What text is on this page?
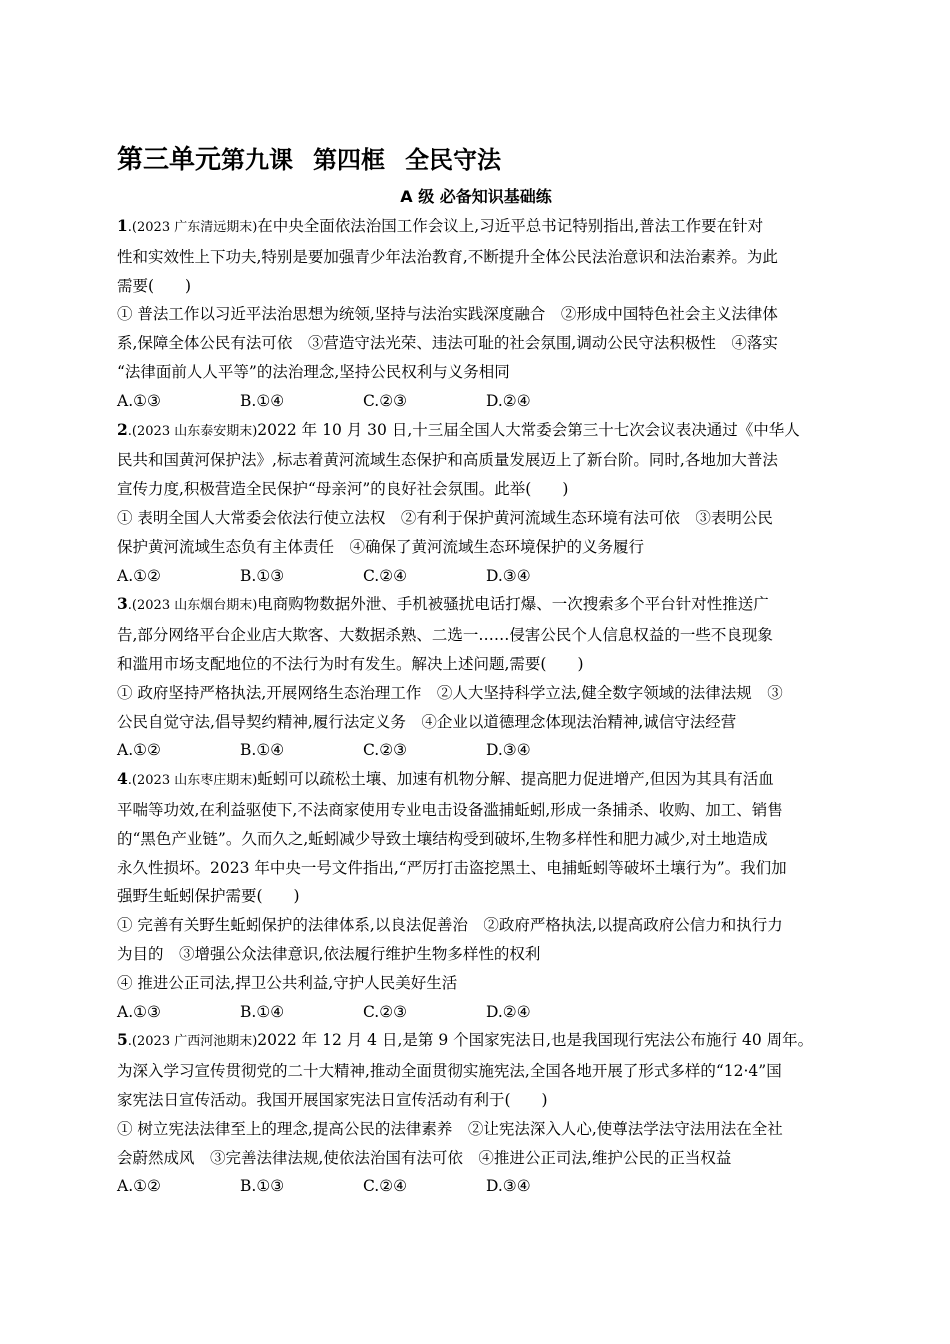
第三单元第九课 第四框 全民守法
A 级 必备知识基础练
1.(2023 广东清远期末)在中央全面依法治国工作会议上,习近平总书记特别指出,普法工作要在针对
性和实效性上下功夫,特别是要加强青少年法治教育,不断提升全体公民法治意识和法治素养。为此
需要(　　)
① 普法工作以习近平法治思想为统领,坚持与法治实践深度融合　②形成中国特色社会主义法律体
系,保障全体公民有法可依　③营造守法光荣、违法可耻的社会氛围,调动公民守法积极性　④落实
“法律面前人人平等”的法治理念,坚持公民权利与义务相同
A.①③	B.①④	C.②③	D.②④
2.(2023 山东泰安期末)2022 年 10 月 30 日,十三届全国人大常委会第三十七次会议表决通过《中华人
民共和国黄河保护法》,标志着黄河流域生态保护和高质量发展迈上了新台阶。同时,各地加大普法
宣传力度,积极营造全民保护“母亲河”的良好社会氛围。此举(　　)
① 表明全国人大常委会依法行使立法权　②有利于保护黄河流域生态环境有法可依　③表明公民
保护黄河流域生态负有主体责任　④确保了黄河流域生态环境保护的义务履行
A.①②	B.①③	C.②④	D.③④
3.(2023 山东烟台期末)电商购物数据外泄、手机被骚扰电话打爆、一次搜索多个平台针对性推送广
告,部分网络平台企业店大欺客、大数据杀熟、二选一……侵害公民个人信息权益的一些不良现象
和滥用市场支配地位的不法行为时有发生。解决上述问题,需要(　　)
① 政府坚持严格执法,开展网络生态治理工作　②人大坚持科学立法,健全数字领域的法律法规　③
公民自觉守法,倡导契约精神,履行法定义务　④企业以道德理念体现法治精神,诚信守法经营
A.①②	B.①④	C.②③	D.③④
4.(2023 山东枣庄期末)蚯蚓可以疏松土壤、加速有机物分解、提高肥力促进增产,但因为其具有活血
平喘等功效,在利益驱使下,不法商家使用专业电击设备滥捕蚯蚓,形成一条捕杀、收购、加工、销售
的“黑色产业链”。久而久之,蚯蚓减少导致土壤结构受到破坏,生物多样性和肥力减少,对土地造成
永久性损坏。2023 年中央一号文件指出,“严厉打击盗挖黑土、电捕蚯蚓等破坏土壤行为”。我们加
强野生蚯蚓保护需要(　　)
① 完善有关野生蚯蚓保护的法律体系,以良法促善治　②政府严格执法,以提高政府公信力和执行力
为目的　③增强公众法律意识,依法履行维护生物多样性的权利
④ 推进公正司法,捍卫公共利益,守护人民美好生活
A.①③	B.①④	C.②③	D.②④
5.(2023 广西河池期末)2022 年 12 月 4 日,是第 9 个国家宪法日,也是我国现行宪法公布施行 40 周年。
为深入学习宣传贯彻党的二十大精神,推动全面贯彻实施宪法,全国各地开展了形式多样的“12·4”国
家宪法日宣传活动。我国开展国家宪法日宣传活动有利于(　　)
① 树立宪法法律至上的理念,提高公民的法律素养　②让宪法深入人心,使尊法学法守法用法在全社
会蔚然成风　③完善法律法规,使依法治国有法可依　④推进公正司法,维护公民的正当权益
A.①②	B.①③	C.②④	D.③④
